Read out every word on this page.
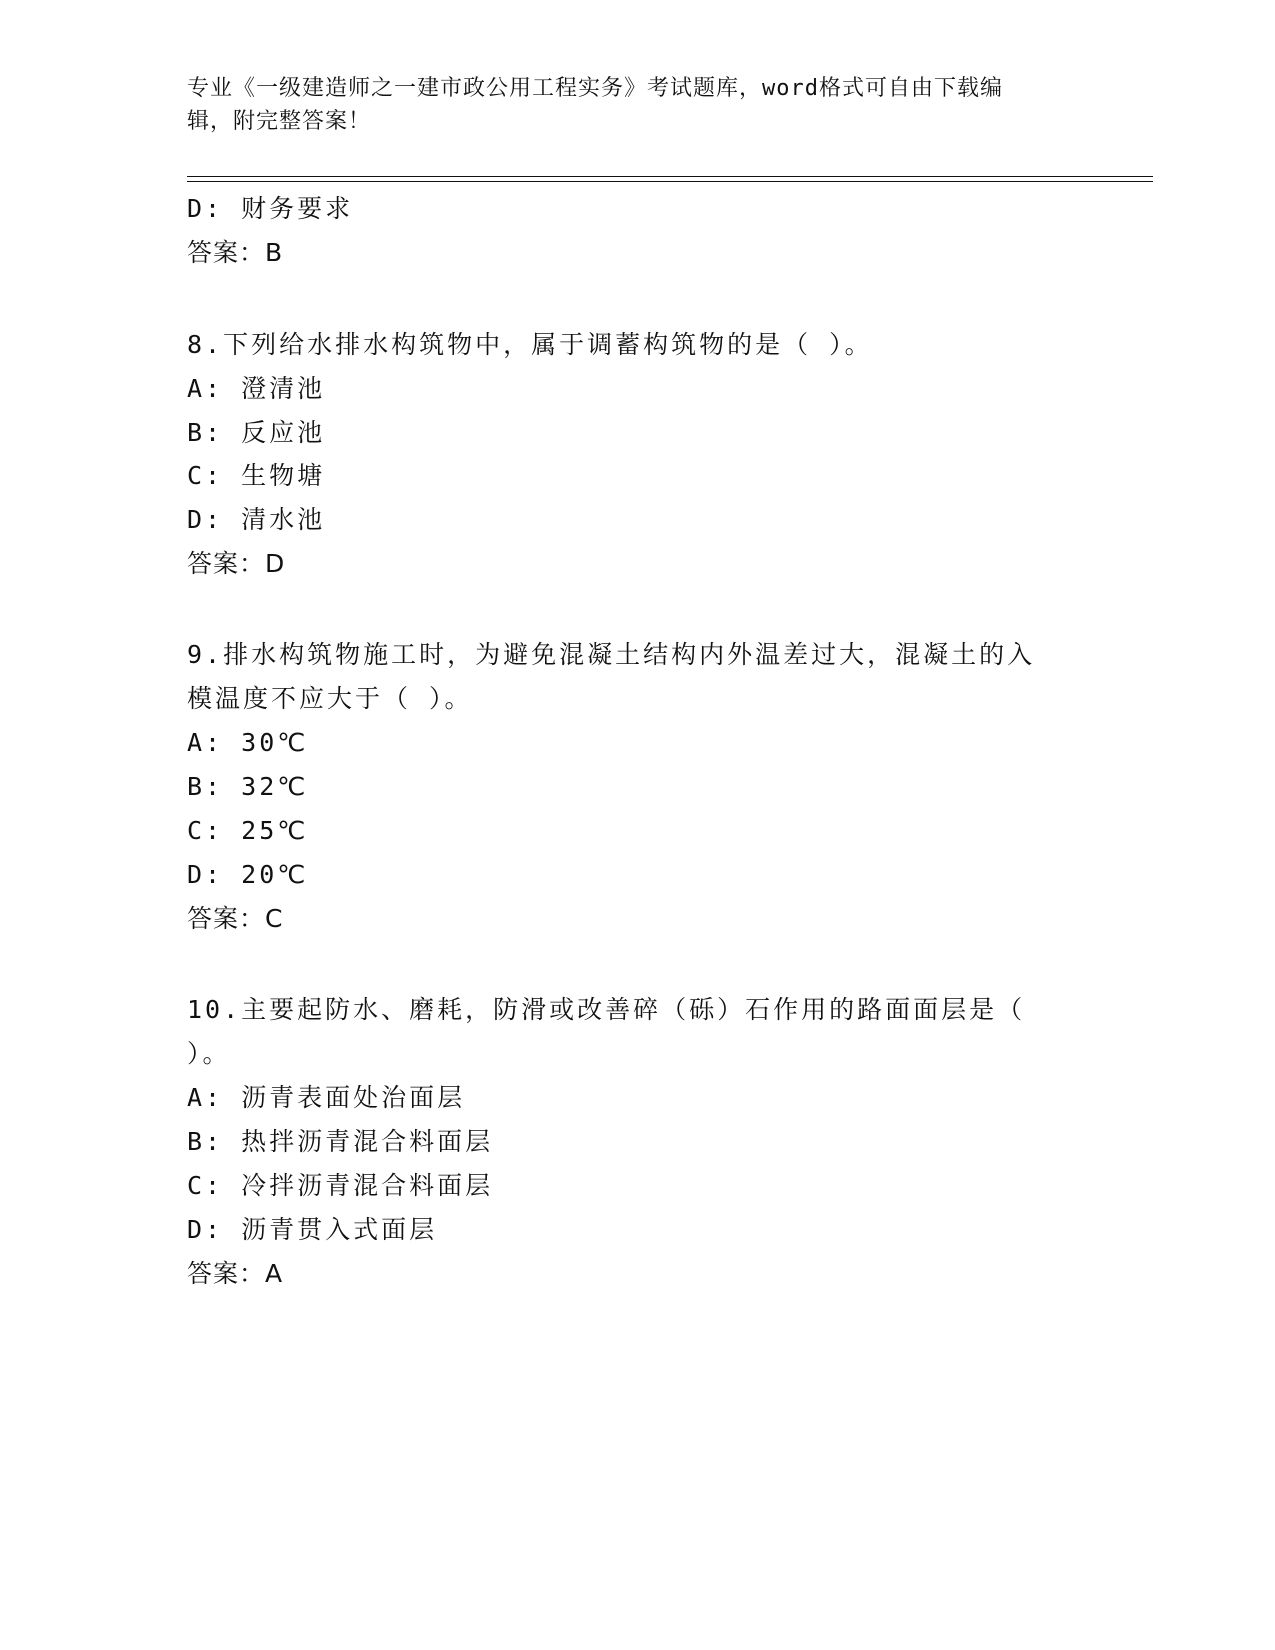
专业《一级建造师之一建市政公用工程实务》考试题库，word格式可自由下载编
辑，附完整答案！
D: 财务要求
答案：B
8.下列给水排水构筑物中，属于调蓄构筑物的是（ ）。
A: 澄清池
B: 反应池
C: 生物塘
D: 清水池
答案：D
9.排水构筑物施工时，为避免混凝土结构内外温差过大，混凝土的入
模温度不应大于（ ）。
A: 30℃
B: 32℃
C: 25℃
D: 20℃
答案：C
10.主要起防水、磨耗，防滑或改善碎（砾）石作用的路面面层是（
）。
A: 沥青表面处治面层
B: 热拌沥青混合料面层
C: 冷拌沥青混合料面层
D: 沥青贯入式面层
答案：A
